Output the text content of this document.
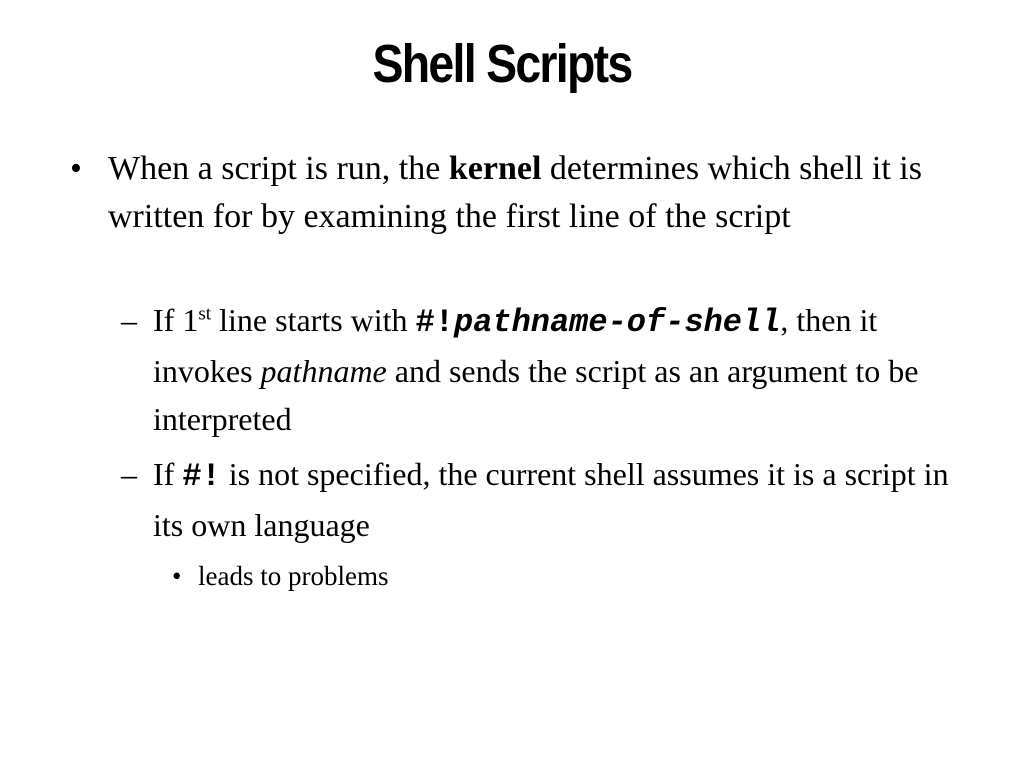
Shell Scripts
• When a script is run, the kernel determines which shell it is written for by examining the first line of the script
– If 1st line starts with #!pathname-of-shell, then it invokes pathname and sends the script as an argument to be interpreted
– If #! is not specified, the current shell assumes it is a script in its own language
• leads to problems
